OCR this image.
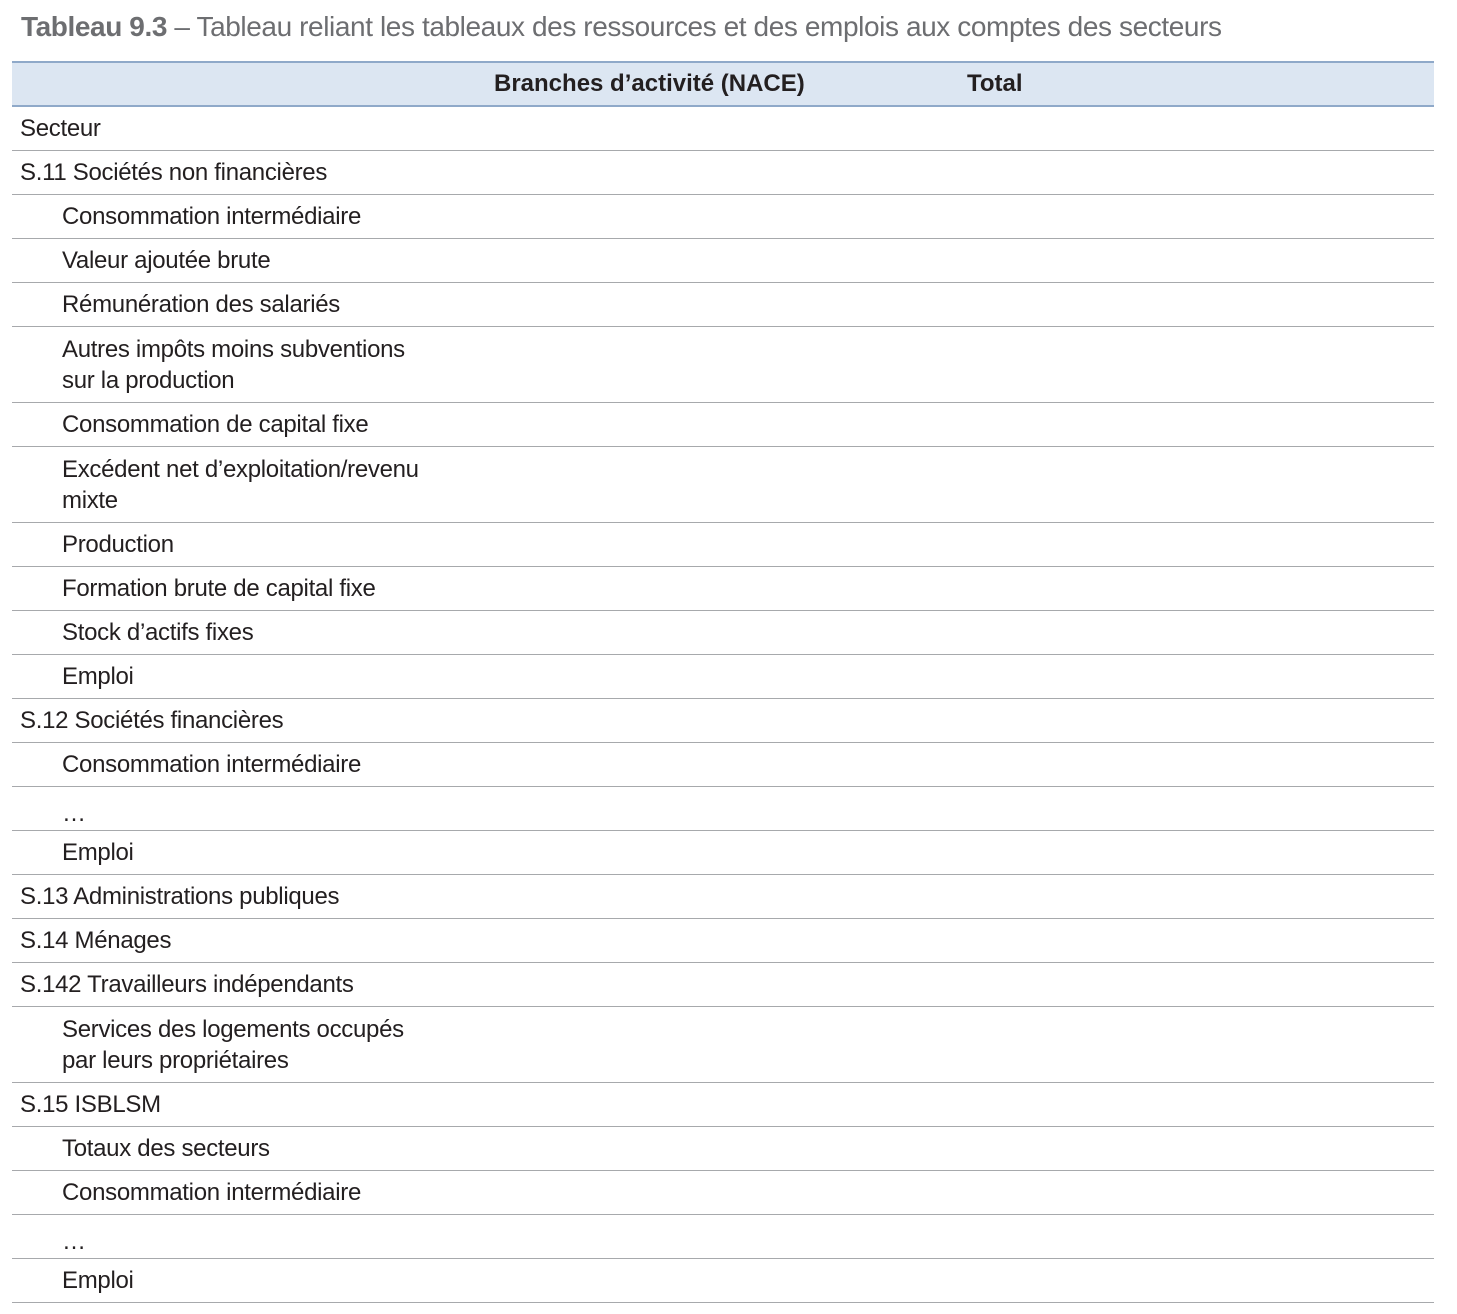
Tableau 9.3 – Tableau reliant les tableaux des ressources et des emplois aux comptes des secteurs
Branches d’activité (NACE)	Total
Secteur
S.11 Sociétés non financières
Consommation intermédiaire
Valeur ajoutée brute
Rémunération des salariés
Autres impôts moins subventions
sur la production
Consommation de capital fixe
Excédent net d’exploitation/revenu
mixte
Production
Formation brute de capital fixe
Stock d’actifs fixes
Emploi
S.12 Sociétés financières
Consommation intermédiaire
…
Emploi
S.13 Administrations publiques
S.14 Ménages
S.142 Travailleurs indépendants
Services des logements occupés
par leurs propriétaires
S.15 ISBLSM
Totaux des secteurs
Consommation intermédiaire
…
Emploi
